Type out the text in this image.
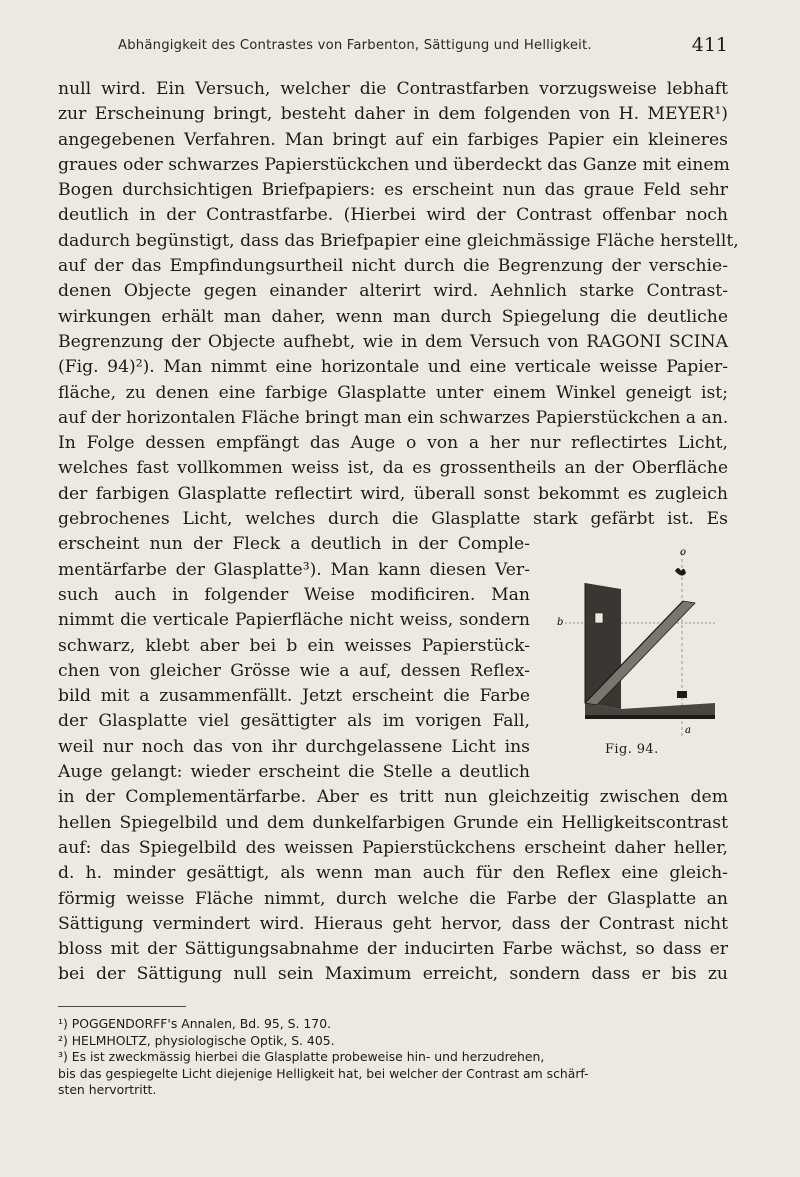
Abhängigkeit des Contrastes von Farbenton, Sättigung und Helligkeit.	411
null wird. Ein Versuch, welcher die Contrastfarben vorzugsweise lebhaft
zur Erscheinung bringt, besteht daher in dem folgenden von H. MEYER¹)
angegebenen Verfahren. Man bringt auf ein farbiges Papier ein kleineres
graues oder schwarzes Papierstückchen und überdeckt das Ganze mit einem
Bogen durchsichtigen Briefpapiers: es erscheint nun das graue Feld sehr
deutlich in der Contrastfarbe. (Hierbei wird der Contrast offenbar noch
dadurch begünstigt, dass das Briefpapier eine gleichmässige Fläche herstellt,
auf der das Empfindungsurtheil nicht durch die Begrenzung der verschie-
denen Objecte gegen einander alterirt wird. Aehnlich starke Contrast-
wirkungen erhält man daher, wenn man durch Spiegelung die deutliche
Begrenzung der Objecte aufhebt, wie in dem Versuch von RAGONI SCINA
(Fig. 94)²). Man nimmt eine horizontale und eine verticale weisse Papier-
fläche, zu denen eine farbige Glasplatte unter einem Winkel geneigt ist;
auf der horizontalen Fläche bringt man ein schwarzes Papierstückchen a an.
In Folge dessen empfängt das Auge o von a her nur reflectirtes Licht,
welches fast vollkommen weiss ist, da es grossentheils an der Oberfläche
der farbigen Glasplatte reflectirt wird, überall sonst bekommt es zugleich
gebrochenes Licht, welches durch die Glasplatte stark gefärbt ist. Es
erscheint nun der Fleck a deutlich in der Comple-
mentärfarbe der Glasplatte³). Man kann diesen Ver-
such auch in folgender Weise modificiren. Man
nimmt die verticale Papierfläche nicht weiss, sondern
schwarz, klebt aber bei b ein weisses Papierstück-
chen von gleicher Grösse wie a auf, dessen Reflex-
bild mit a zusammenfällt. Jetzt erscheint die Farbe
der Glasplatte viel gesättigter als im vorigen Fall,
weil nur noch das von ihr durchgelassene Licht ins
Auge gelangt: wieder erscheint die Stelle a deutlich
in der Complementärfarbe. Aber es tritt nun gleichzeitig zwischen dem
hellen Spiegelbild und dem dunkelfarbigen Grunde ein Helligkeitscontrast
auf: das Spiegelbild des weissen Papierstückchens erscheint daher heller,
d. h. minder gesättigt, als wenn man auch für den Reflex eine gleich-
förmig weisse Fläche nimmt, durch welche die Farbe der Glasplatte an
Sättigung vermindert wird. Hieraus geht hervor, dass der Contrast nicht
bloss mit der Sättigungsabnahme der inducirten Farbe wächst, so dass er
bei der Sättigung null sein Maximum erreicht, sondern dass er bis zu
o
b
a
Fig. 94.
¹) POGGENDORFF's Annalen, Bd. 95, S. 170.
²) HELMHOLTZ, physiologische Optik, S. 405.
³) Es ist zweckmässig hierbei die Glasplatte probeweise hin- und herzudrehen,
bis das gespiegelte Licht diejenige Helligkeit hat, bei welcher der Contrast am schärf-
sten hervortritt.
